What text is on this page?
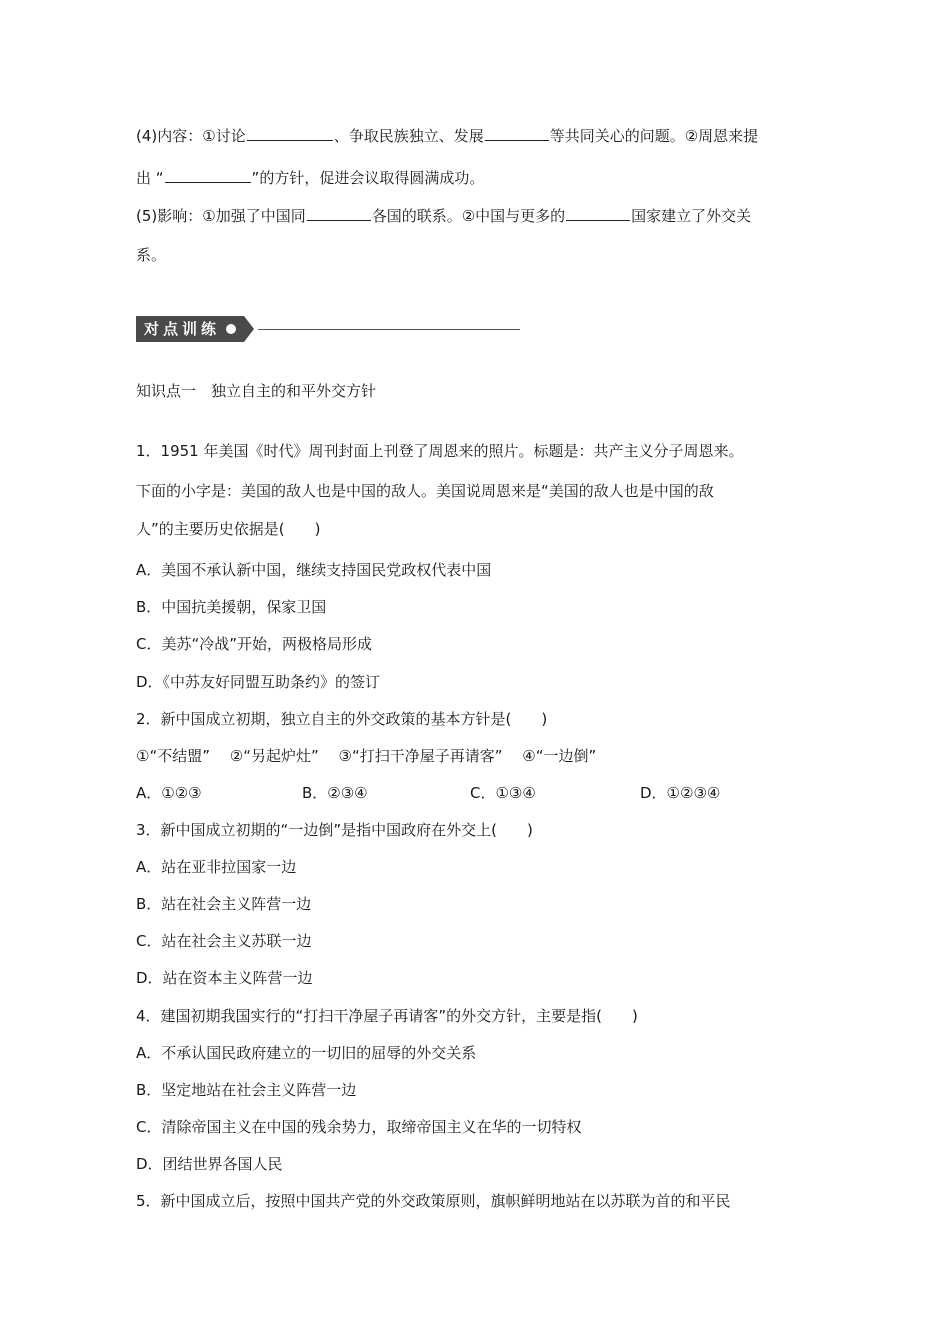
(4)内容：①讨论	、争取民族独立、发展	等共同关心的问题。②周恩来提
出 “	”的方针，促进会议取得圆满成功。
(5)影响：①加强了中国同	各国的联系。②中国与更多的	国家建立了外交关
系。
对点训练
知识点一　独立自主的和平外交方针
1．1951 年美国《时代》周刊封面上刊登了周恩来的照片。标题是：共产主义分子周恩来。
下面的小字是：美国的敌人也是中国的敌人。美国说周恩来是“美国的敌人也是中国的敌
人”的主要历史依据是(　　)
A．美国不承认新中国，继续支持国民党政权代表中国
B．中国抗美援朝，保家卫国
C．美苏“冷战”开始，两极格局形成
D．《中苏友好同盟互助条约》的签订
2．新中国成立初期，独立自主的外交政策的基本方针是(　　)
①“不结盟”　 ②“另起炉灶”　 ③“打扫干净屋子再请客”　 ④“一边倒”
A．①②③	B．②③④	C．①③④	D．①②③④
3．新中国成立初期的“一边倒”是指中国政府在外交上(　　)
A．站在亚非拉国家一边
B．站在社会主义阵营一边
C．站在社会主义苏联一边
D．站在资本主义阵营一边
4．建国初期我国实行的“打扫干净屋子再请客”的外交方针，主要是指(　　)
A．不承认国民政府建立的一切旧的屈辱的外交关系
B．坚定地站在社会主义阵营一边
C．清除帝国主义在中国的残余势力，取缔帝国主义在华的一切特权
D．团结世界各国人民
5．新中国成立后，按照中国共产党的外交政策原则，旗帜鲜明地站在以苏联为首的和平民
